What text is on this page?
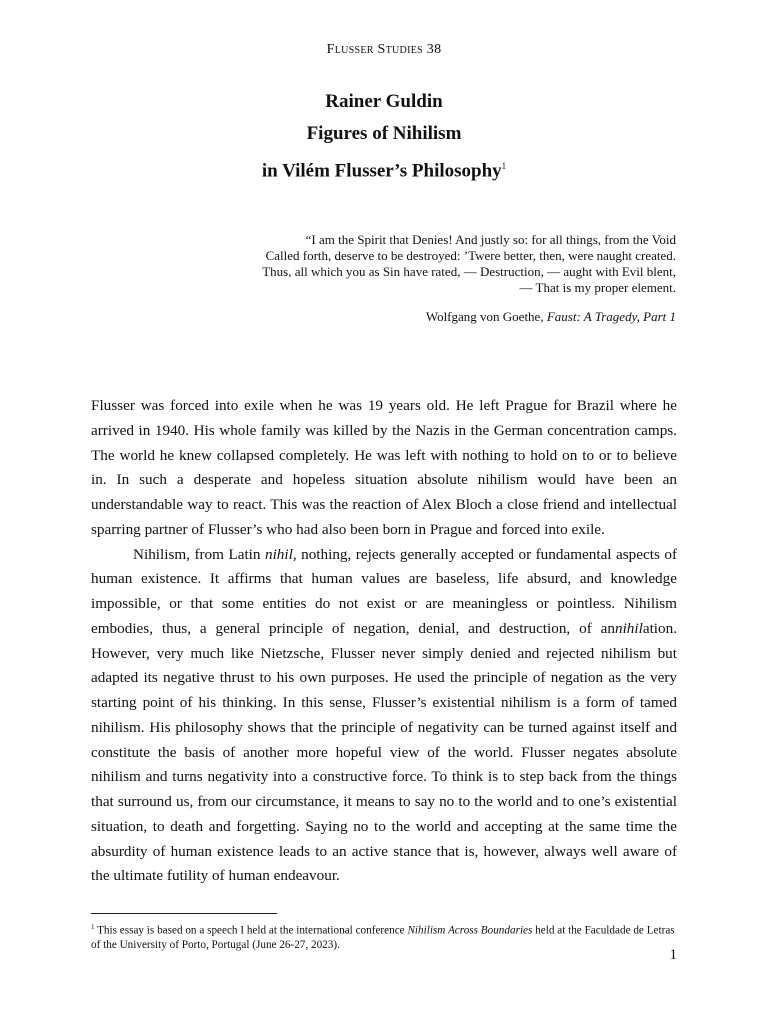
Flusser Studies 38
Rainer Guldin
Figures of Nihilism
in Vilém Flusser’s Philosophy$^1$
“I am the Spirit that Denies! And justly so: for all things, from the Void
Called forth, deserve to be destroyed: ’Twere better, then, were naught created.
Thus, all which you as Sin have rated, — Destruction, — aught with Evil blent,
— That is my proper element.
Wolfgang von Goethe, Faust: A Tragedy, Part 1

Flusser was forced into exile when he was 19 years old. He left Prague for Brazil where he arrived in 1940. His whole family was killed by the Nazis in the German concentration camps. The world he knew collapsed completely. He was left with nothing to hold on to or to believe in. In such a desperate and hopeless situation absolute nihilism would have been an understandable way to react. This was the reaction of Alex Bloch a close friend and intellectual sparring partner of Flusser’s who had also been born in Prague and forced into exile.

Nihilism, from Latin nihil, nothing, rejects generally accepted or fundamental aspects of human existence. It affirms that human values are baseless, life absurd, and knowledge impossible, or that some entities do not exist or are meaningless or pointless. Nihilism embodies, thus, a general principle of negation, denial, and destruction, of annihilation. However, very much like Nietzsche, Flusser never simply denied and rejected nihilism but adapted its negative thrust to his own purposes. He used the principle of negation as the very starting point of his thinking. In this sense, Flusser’s existential nihilism is a form of tamed nihilism. His philosophy shows that the principle of negativity can be turned against itself and constitute the basis of another more hopeful view of the world. Flusser negates absolute nihilism and turns negativity into a constructive force. To think is to step back from the things that surround us, from our circumstance, it means to say no to the world and to one’s existential situation, to death and forgetting. Saying no to the world and accepting at the same time the absurdity of human existence leads to an active stance that is, however, always well aware of the ultimate futility of human endeavour.

$^1$ This essay is based on a speech I held at the international conference Nihilism Across Boundaries held at the Faculdade de Letras of the University of Porto, Portugal (June 26-27, 2023).
1
